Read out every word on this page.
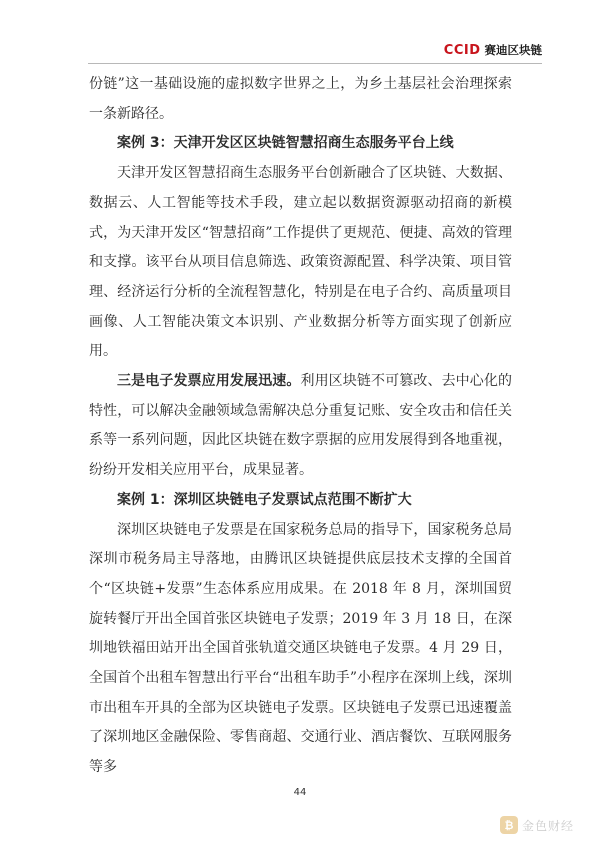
CCID 赛迪区块链

份链”这一基础设施的虚拟数字世界之上，为乡土基层社会治理探索一条新路径。

案例 3：天津开发区区块链智慧招商生态服务平台上线

天津开发区智慧招商生态服务平台创新融合了区块链、大数据、数据云、人工智能等技术手段，建立起以数据资源驱动招商的新模式，为天津开发区“智慧招商”工作提供了更规范、便捷、高效的管理和支撑。该平台从项目信息筛选、政策资源配置、科学决策、项目管理、经济运行分析的全流程智慧化，特别是在电子合约、高质量项目画像、人工智能决策文本识别、产业数据分析等方面实现了创新应用。

三是电子发票应用发展迅速。利用区块链不可篡改、去中心化的特性，可以解决金融领域急需解决总分重复记账、安全攻击和信任关系等一系列问题，因此区块链在数字票据的应用发展得到各地重视，纷纷开发相关应用平台，成果显著。

案例 1：深圳区块链电子发票试点范围不断扩大

深圳区块链电子发票是在国家税务总局的指导下，国家税务总局深圳市税务局主导落地，由腾讯区块链提供底层技术支撑的全国首个“区块链+发票”生态体系应用成果。在 2018 年 8 月，深圳国贸旋转餐厅开出全国首张区块链电子发票；2019 年 3 月 18 日，在深圳地铁福田站开出全国首张轨道交通区块链电子发票。4 月 29 日，全国首个出租车智慧出行平台“出租车助手”小程序在深圳上线，深圳市出租车开具的全部为区块链电子发票。区块链电子发票已迅速覆盖了深圳地区金融保险、零售商超、交通行业、酒店餐饮、互联网服务等多

44
₿ 金色财经
